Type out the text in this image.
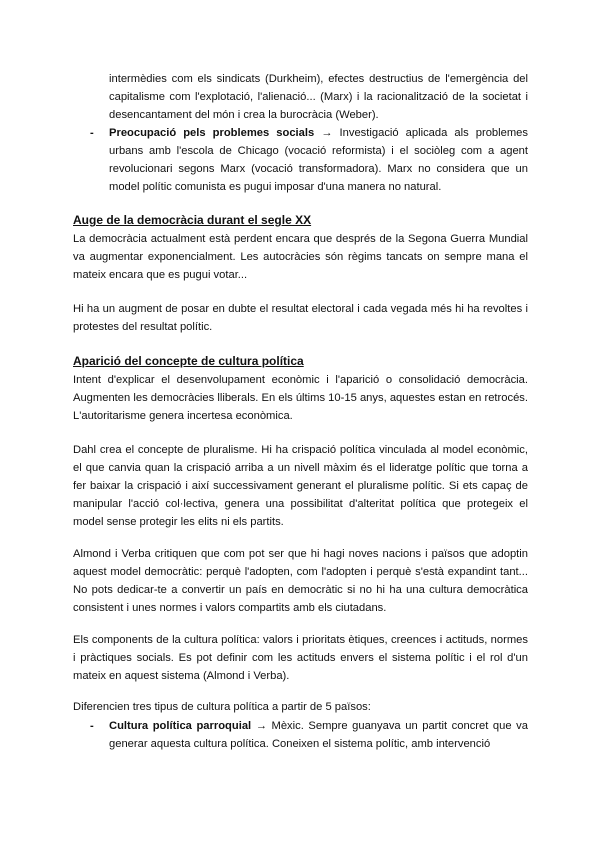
intermèdies com els sindicats (Durkheim), efectes destructius de l'emergència del capitalisme com l'explotació, l'alienació... (Marx) i la racionalització de la societat i desencantament del món i crea la burocràcia (Weber).

- Preocupació pels problemes socials → Investigació aplicada als problemes urbans amb l'escola de Chicago (vocació reformista) i el sociòleg com a agent revolucionari segons Marx (vocació transformadora). Marx no considera que un model polític comunista es pugui imposar d'una manera no natural.
Auge de la democràcia durant el segle XX

La democràcia actualment està perdent encara que després de la Segona Guerra Mundial va augmentar exponencialment. Les autocràcies són règims tancats on sempre mana el mateix encara que es pugui votar...

Hi ha un augment de posar en dubte el resultat electoral i cada vegada més hi ha revoltes i protestes del resultat polític.

Aparició del concepte de cultura política

Intent d'explicar el desenvolupament econòmic i l'aparició o consolidació democràcia. Augmenten les democràcies lliberals. En els últims 10-15 anys, aquestes estan en retrocés. L'autoritarisme genera incertesa econòmica.

Dahl crea el concepte de pluralisme. Hi ha crispació política vinculada al model econòmic, el que canvia quan la crispació arriba a un nivell màxim és el lideratge polític que torna a fer baixar la crispació i així successivament generant el pluralisme polític. Si ets capaç de manipular l'acció col·lectiva, genera una possibilitat d'alteritat política que protegeix el model sense protegir les elits ni els partits.

Almond i Verba critiquen que com pot ser que hi hagi noves nacions i països que adoptin aquest model democràtic: perquè l'adopten, com l'adopten i perquè s'està expandint tant... No pots dedicar-te a convertir un país en democràtic si no hi ha una cultura democràtica consistent i unes normes i valors compartits amb els ciutadans.

Els components de la cultura política: valors i prioritats ètiques, creences i actituds, normes i pràctiques socials. Es pot definir com les actituds envers el sistema polític i el rol d'un mateix en aquest sistema (Almond i Verba).

Diferencien tres tipus de cultura política a partir de 5 països:

- Cultura política parroquial → Mèxic. Sempre guanyava un partit concret que va generar aquesta cultura política. Coneixen el sistema polític, amb intervenció
